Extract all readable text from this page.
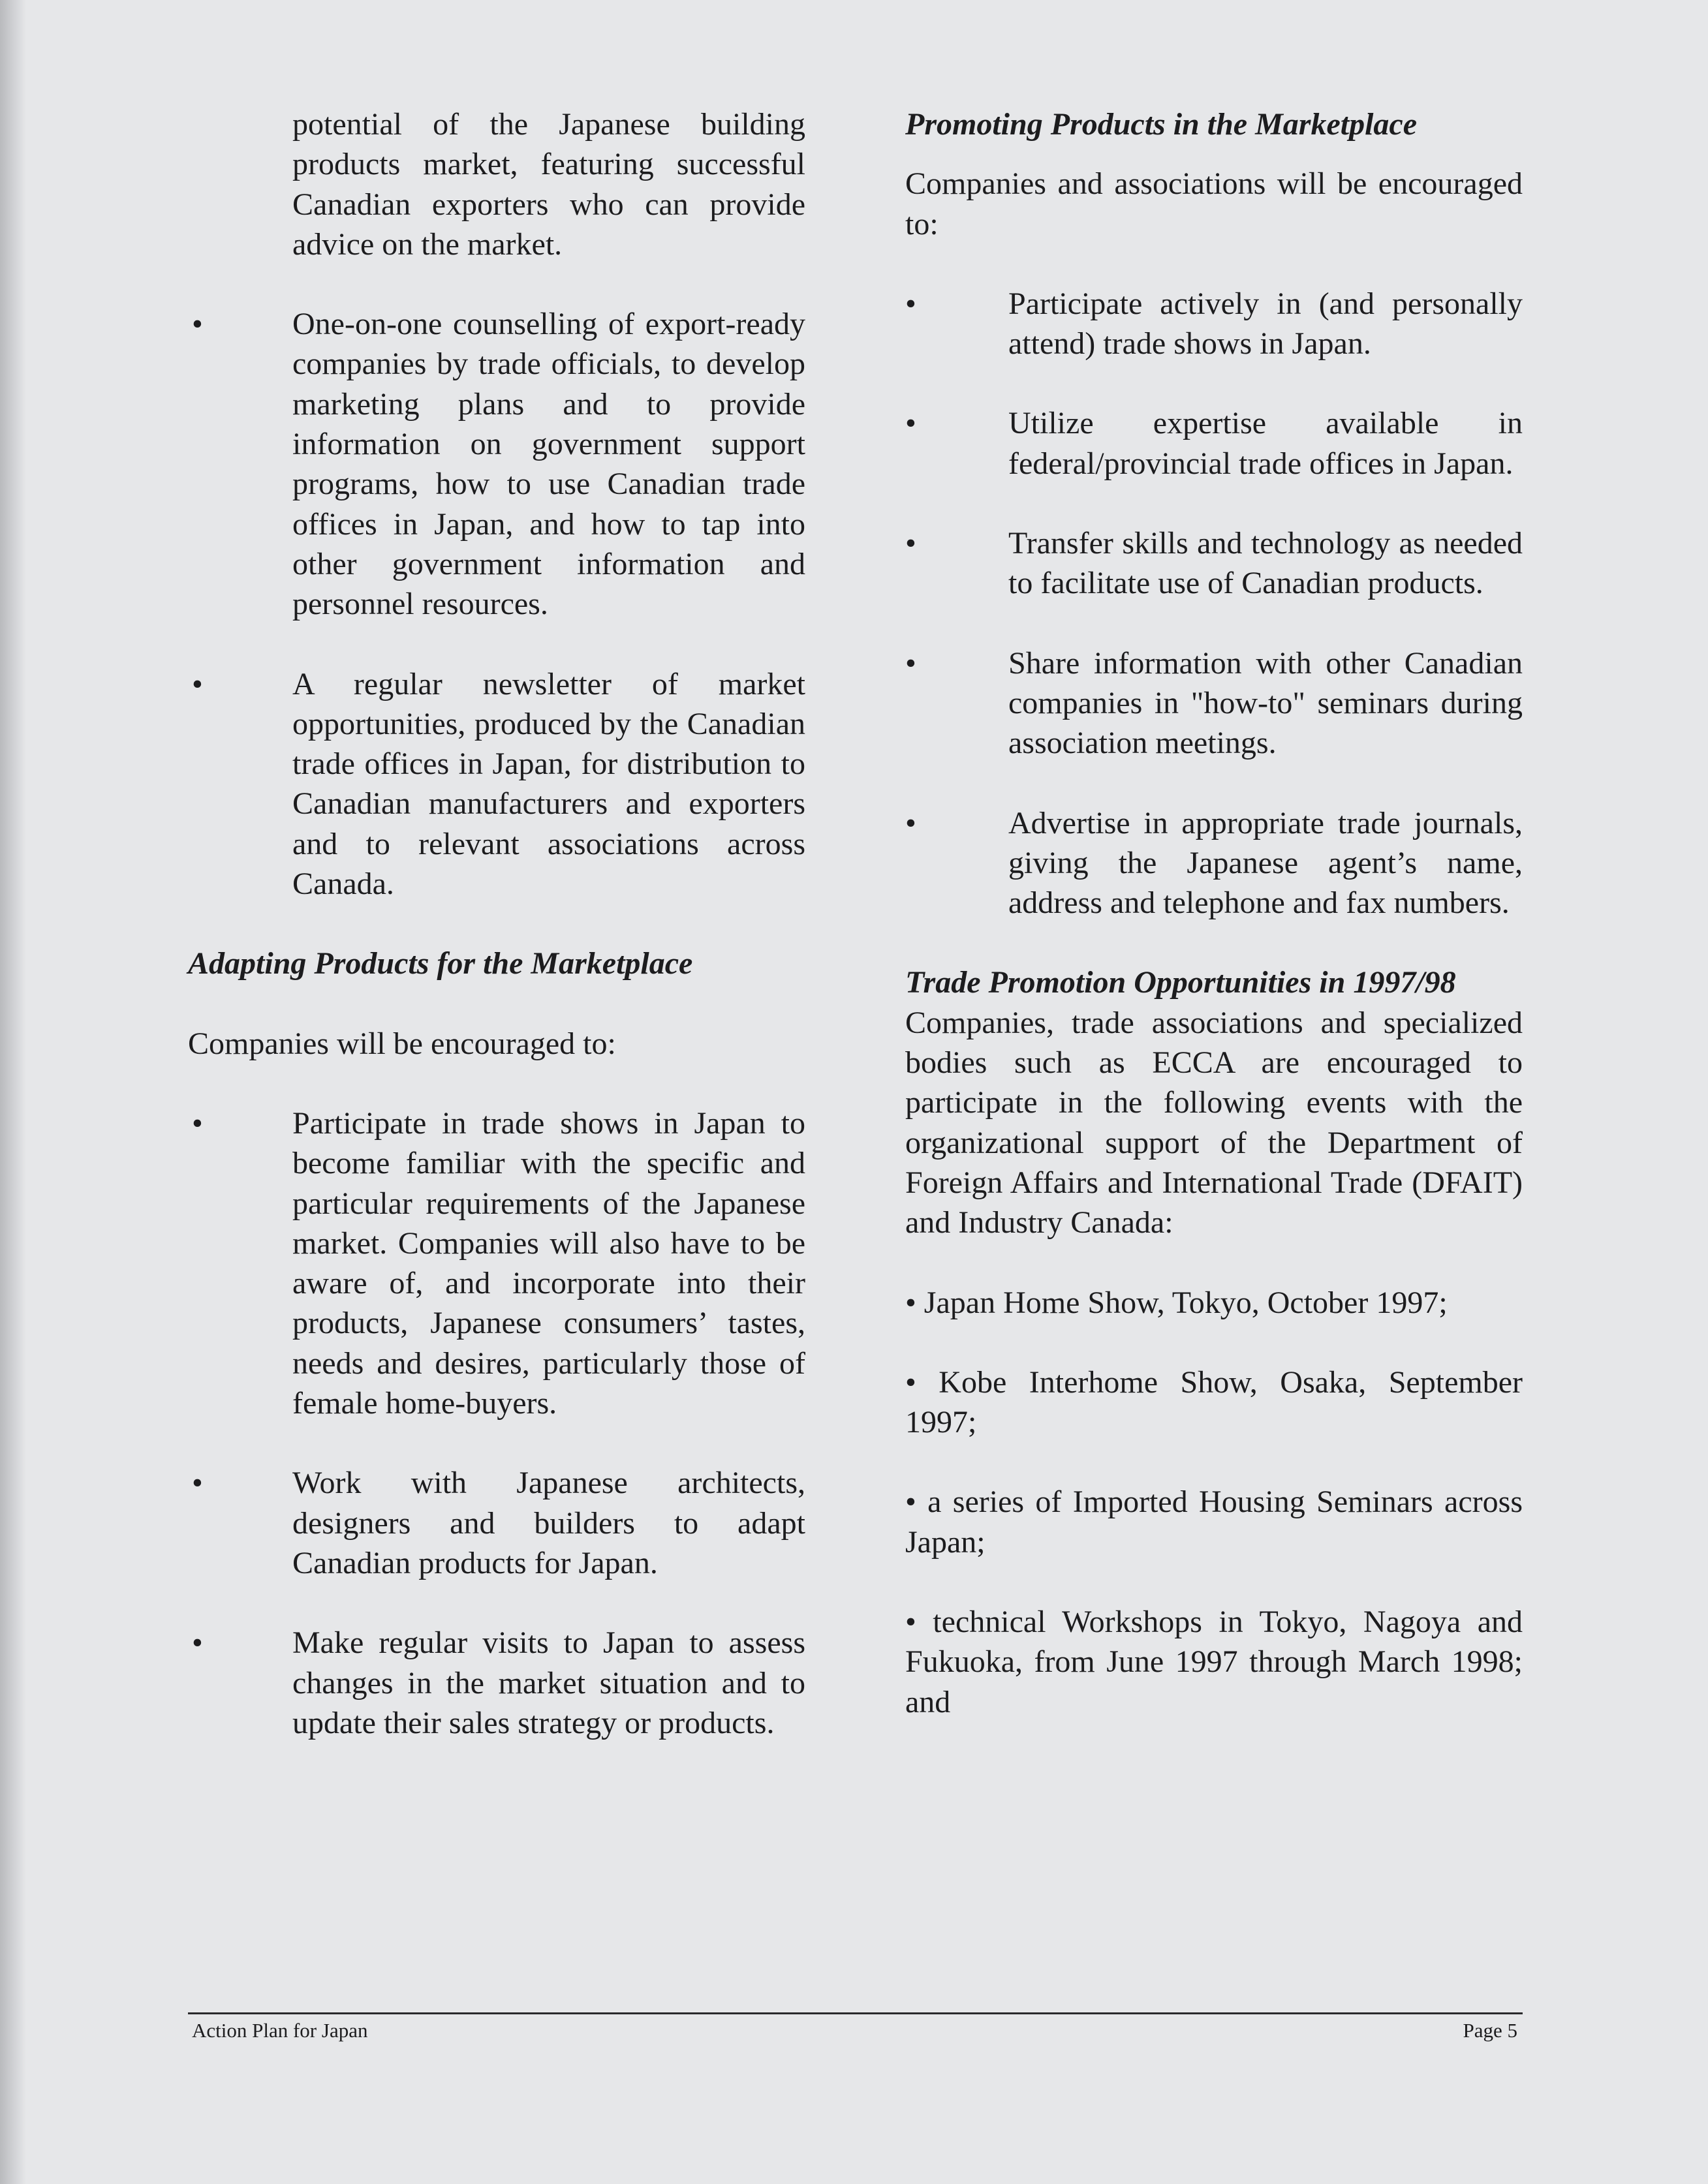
potential of the Japanese building products market, featuring successful Canadian exporters who can provide advice on the market.

•	One-on-one counselling of export-ready companies by trade officials, to develop marketing plans and to provide information on government support programs, how to use Canadian trade offices in Japan, and how to tap into other government information and personnel resources.
•	A regular newsletter of market opportunities, produced by the Canadian trade offices in Japan, for distribution to Canadian manufacturers and exporters and to relevant associations across Canada.

Adapting Products for the Marketplace

Companies will be encouraged to:

•	Participate in trade shows in Japan to become familiar with the specific and particular requirements of the Japanese market. Companies will also have to be aware of, and incorporate into their products, Japanese consumers’ tastes, needs and desires, particularly those of female home-buyers.
•	Work with Japanese architects, designers and builders to adapt Canadian products for Japan.
•	Make regular visits to Japan to assess changes in the market situation and to update their sales strategy or products.

Promoting Products in the Marketplace

Companies and associations will be encouraged to:

•	Participate actively in (and personally attend) trade shows in Japan.
•	Utilize expertise available in federal/provincial trade offices in Japan.
•	Transfer skills and technology as needed to facilitate use of Canadian products.
•	Share information with other Canadian companies in "how-to" seminars during association meetings.
•	Advertise in appropriate trade journals, giving the Japanese agent’s name, address and telephone and fax numbers.

Trade Promotion Opportunities in 1997/98

Companies, trade associations and specialized bodies such as ECCA are encouraged to participate in the following events with the organizational support of the Department of Foreign Affairs and International Trade (DFAIT) and Industry Canada:

• Japan Home Show, Tokyo, October 1997;

• Kobe Interhome Show, Osaka, September 1997;

• a series of Imported Housing Seminars across Japan;

• technical Workshops in Tokyo, Nagoya and Fukuoka, from June 1997 through March 1998; and

Action Plan for Japan	Page 5
